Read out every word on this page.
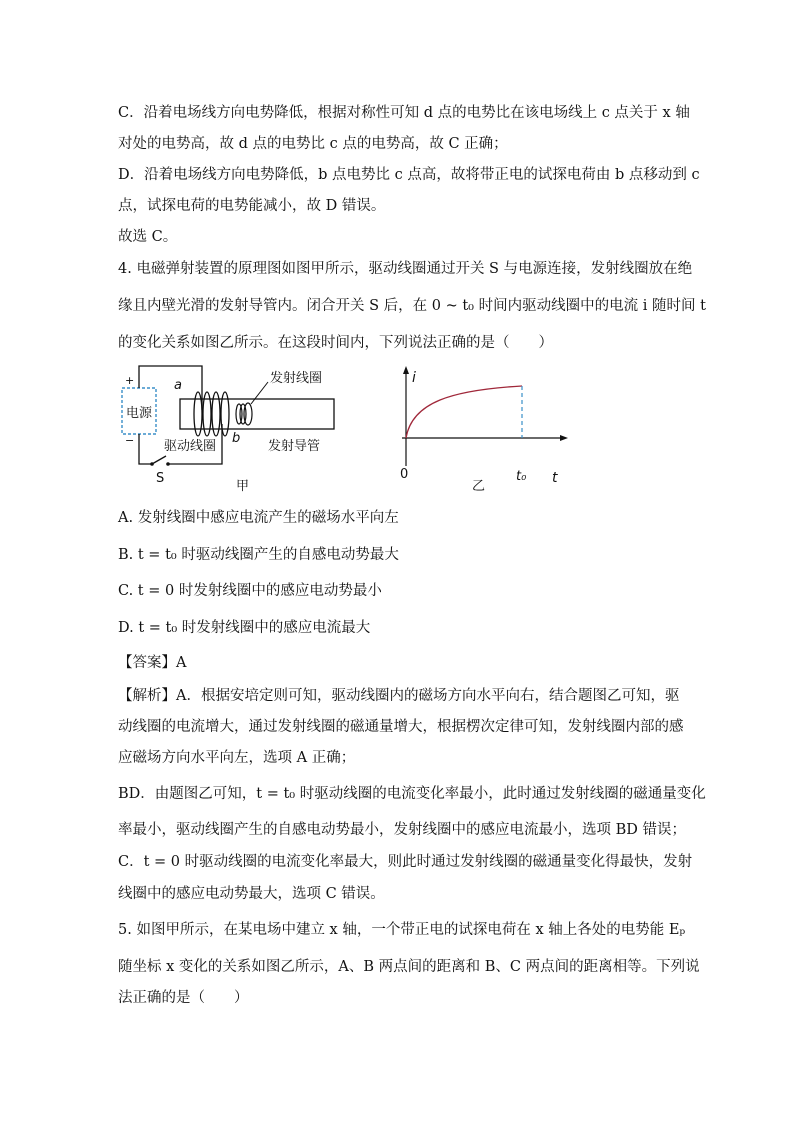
C．沿着电场线方向电势降低，根据对称性可知 d 点的电势比在该电场线上 c 点关于 x 轴
对处的电势高，故 d 点的电势比 c 点的电势高，故 C 正确；
D．沿着电场线方向电势降低，b 点电势比 c 点高，故将带正电的试探电荷由 b 点移动到 c
点，试探电荷的电势能减小，故 D 错误。
故选 C。
4. 电磁弹射装置的原理图如图甲所示，驱动线圈通过开关 S 与电源连接，发射线圈放在绝
缘且内壁光滑的发射导管内。闭合开关 S 后，在 0 ~ t₀ 时间内驱动线圈中的电流 i 随时间 t
的变化关系如图乙所示。在这段时间内，下列说法正确的是（　　）
电源
+
−
S
a
b
发射线圈
驱动线圈	发射导管
甲
i
t
0	t₀
乙
A. 发射线圈中感应电流产生的磁场水平向左
B. t = t₀ 时驱动线圈产生的自感电动势最大
C. t = 0 时发射线圈中的感应电动势最小
D. t = t₀ 时发射线圈中的感应电流最大
【答案】A
【解析】A．根据安培定则可知，驱动线圈内的磁场方向水平向右，结合题图乙可知，驱
动线圈的电流增大，通过发射线圈的磁通量增大，根据楞次定律可知，发射线圈内部的感
应磁场方向水平向左，选项 A 正确；
BD．由题图乙可知，t = t₀ 时驱动线圈的电流变化率最小，此时通过发射线圈的磁通量变化
率最小，驱动线圈产生的自感电动势最小，发射线圈中的感应电流最小，选项 BD 错误；
C．t = 0 时驱动线圈的电流变化率最大，则此时通过发射线圈的磁通量变化得最快，发射
线圈中的感应电动势最大，选项 C 错误。
5. 如图甲所示，在某电场中建立 x 轴，一个带正电的试探电荷在 x 轴上各处的电势能 Eₚ
随坐标 x 变化的关系如图乙所示，A、B 两点间的距离和 B、C 两点间的距离相等。下列说
法正确的是（　　）
